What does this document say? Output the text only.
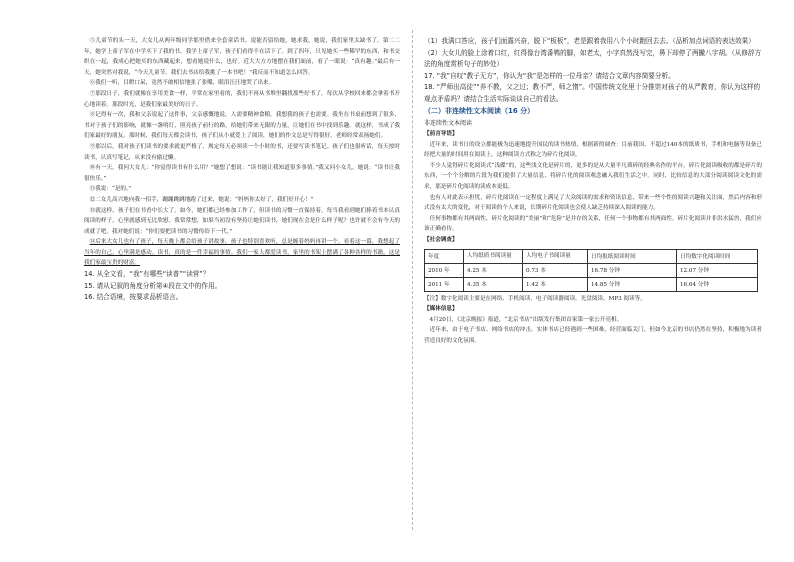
⑤儿童节的头一天，大女儿从两年级同学那里借来全套童话书，说能否留给她。她求我，她说，我们家里太缺书了。第二二年，她学上童子军在中学买下了我的书，我学上童子军，孩子们看得不在话下了。到了四年，只见她买一些稀罕的东西，和书交织在一起，我成心把她买的东西藏起来，想看她说什么，也好。近大大方方地摆在我们面前，看了一眼说：“真有趣。”最后有一天，她突然对我说，“今天儿童节，我们去书店给我挑了一本书吧！”我反而不知道怎么回答。

⑥我们一听，目瞪口呆，竟然不敢相信地张了张嘴，眼泪汪汪地哭了出来。

⑦那段日子，我们就像在享用美食一样，平常在家里看的，我们不再从书堆里翻找那些好书了，每次从学校回来都会拿着书开心地读着。那段时光，是我们家最美好的日子。

⑧记得有一次，我和父亲说起了这件事，父亲感慨地说，人需要精神食粮。我想我的孩子也需要。我坐在书桌前想到了很多，书对于孩子们的影响，就像一盏明灯，照亮孩子前行的路，给她们带来无限的力量，让她们在书中找到乐趣。就这样，书成了我们家最好的朋友。那时候，我们每天都会读书，孩子们从小就爱上了阅读，她们的作文总是写得很好，老师经常表扬她们。

⑨那以后，我对孩子们读书的要求就更严格了，规定每天必须读一个小时的书，还要写读书笔记。孩子们也很听话，每天按时读书，认真写笔记，从来没有偷过懒。

⑩有一天，我问大女儿：“你觉得读书有什么用？”她想了想说：“读书能让我知道很多事情。”我又问小女儿，她说：“读书让我很快乐。”

⑪我说：“是的。”

⑫二女儿高兴地向我一招手，蹦蹦跳跳地跑了过来，她说：“妈妈你太好了，我们好开心！”

⑬就这样，孩子们在书香中长大了。如今，她们都已经参加工作了，但读书的习惯一直保持着。每当我看到她们捧着书本认真阅读的样子，心里就感到无比欣慰。我常常想，如果当初没有坚持让她们读书，她们现在会是什么样子呢？也许就不会有今天的成就了吧。我对她们说：“你们要把读书的习惯传给下一代。”

⑭后来大女儿也有了孩子，每天晚上都会给孩子讲故事，孩子也特别喜欢听，总是缠着妈妈再讲一个。看着这一幕，我想起了当年的自己，心里满是感动。读书，真的是一件幸福的事情。我们一家人都爱读书，家里的书架上摆满了各种各样的书籍，这是我们家最宝贵的财富。

14. 从全文看，“我”有哪些“读普”“读营”？

15. 请从记叙的角度分析第④段在文中的作用。

16. 结合语境，按要求品析语言。

（1）我满口答应，孩子们面露兴奋，脱下“板板”，老是跟着我用八个小时跑回去去。（品析加点词语的表达效果）

（2）大女儿的脸上涂着口红，红得像台湾番鸭的脚，如老太，小字真然没写完，鼻下却停了两撇八字胡。（从修辞方法的角度赏析句子的妙处）

17. “我”自叹“教子无方”，你认为“我”是怎样的一位母亲？请结合文章内容简要分析。

18. “严师出高徒”“养不教，父之过；教不严，师之惰”。中国传统文化里十分推崇对孩子的从严教育，你认为这样的观点矛盾吗？请结合生活实际谈谈自己的看法。

（二）非连续性文本阅读（16 分）

非连续性文本阅读

【前言导语】

近年来，读书日的设立都能极为迅速地提升国民的读书热情，根据新的调查：目前我国，不超过140本的纸质书，手机和电脑等设备已经把大量的时间用在阅读上，这种阅读方式称之为碎片化阅读。

不少人觉得碎片化阅读式“浅碟”的，这些浅文化是碎片的，更多的是从大量平凡琐碎的经典名作的平台，碎片化阅读吸收的都是碎片的东西，一个个分解的片段为我们提供了大量信息，将碎片化的阅读观念融入我们生活之中。同时，比较信息的大部分阅读阅读文化的需求，那是碎片化阅读的读成本更低。

也有人对此表示担忧，碎片化阅读在一定程度上满足了大众阅读的需求和资讯信息，带来一些个性的阅读兴趣和关注面，然后内容和形式没有太大的变化，对于阅读的个人来说，长期碎片化阅读也会使人缺乏持续深入阅读的能力。

任何事物都有其两面性，碎片化阅读的“美丽”和“危险”是并存的关系，任何一个事物都有其两面性。碎片化阅读并非洪水猛兽，我们应该正确看待。

【社会调查】

年度	人均纸质书阅读量	人均电子书阅读量	日均报纸阅读时间	日均数字化阅读时间
2010 年	4.25 本	0.73 本	16.78 分钟	12.07 分钟
2011 年	4.35 本	1.42 本	14.85 分钟	16.64 分钟

【注】数字化阅读主要是在网络、手机阅读、电子阅读器阅读、光盘阅读、MP3 阅读等。

【媒体信息】

4月20日，《北京晚报》报道，“北京书店”出版发行集团首家第一家公开亮相。

近年来，由于电子书店、网络书店的冲击，实体书店已经遇到一些困难，经营面临关门，但如今北京的书店仍然在坚持，积极地为读者营造良好的文化氛围。
